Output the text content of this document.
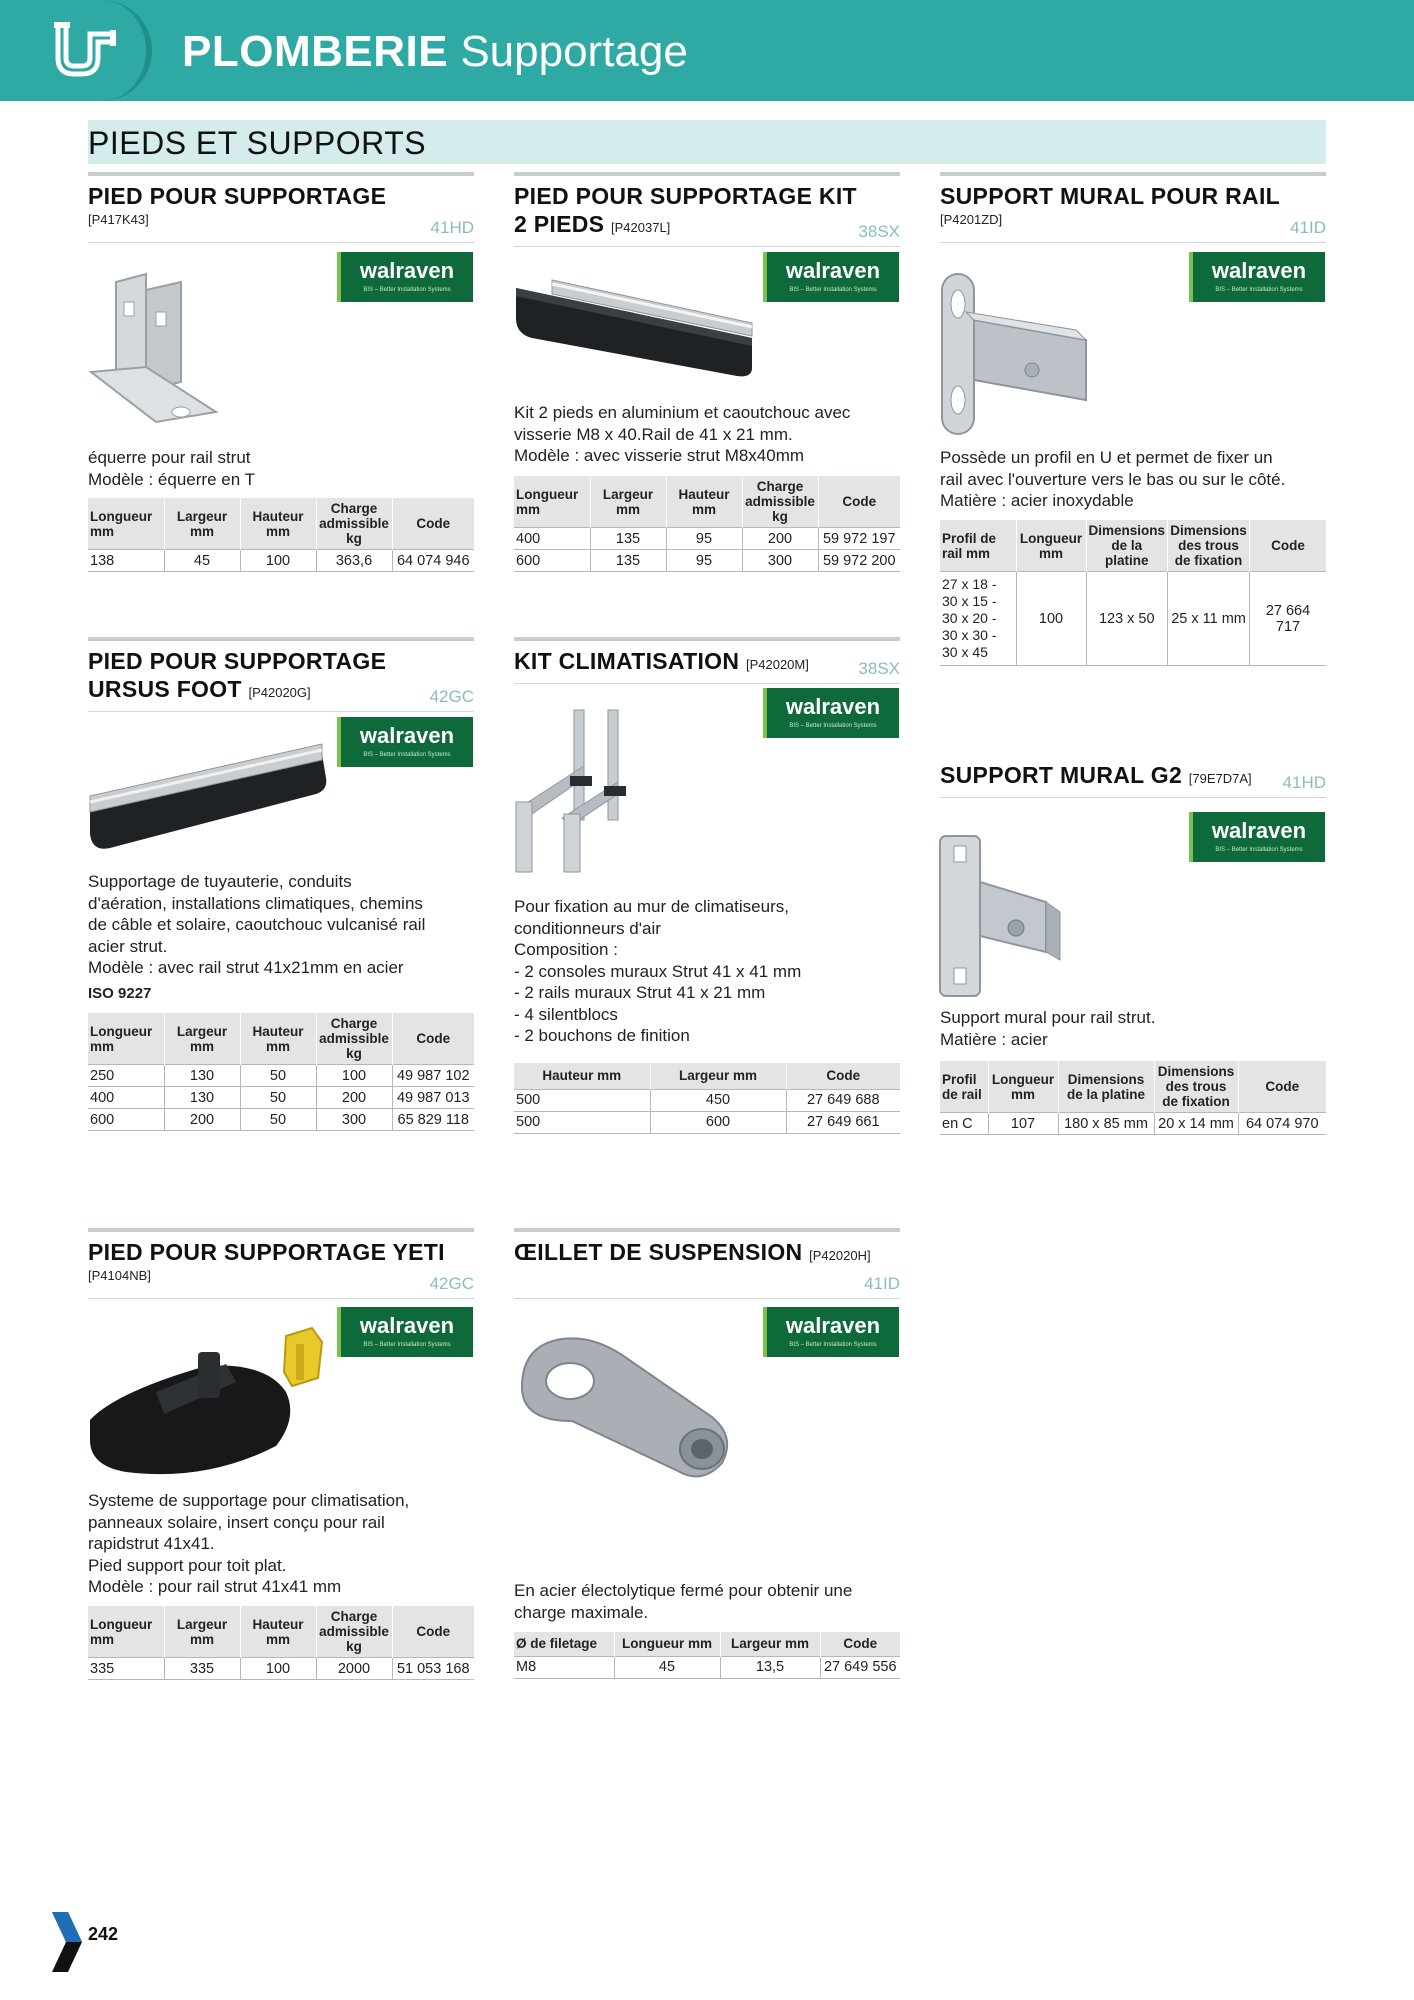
PLOMBERIE Supportage
PIEDS ET SUPPORTS
PIED POUR SUPPORTAGE
[P417K43]	41HD
walraven
BIS – Better Installation Systems

équerre pour rail strut

Modèle : équerre en T

Longueur mm	Largeur mm	Hauteur mm	Charge admissible kg	Code
138	45	100	363,6	64 074 946
PIED POUR SUPPORTAGE KIT
2 PIEDS [P42037L]	38SX
walraven
BIS – Better Installation Systems

Kit 2 pieds en aluminium et caoutchouc avec

visserie M8 x 40.Rail de 41 x 21 mm.

Modèle : avec visserie strut M8x40mm

Longueur mm	Largeur mm	Hauteur mm	Charge admissible kg	Code
400	135	95	200	59 972 197
600	135	95	300	59 972 200
SUPPORT MURAL POUR RAIL
[P4201ZD]	41ID
walraven
BIS – Better Installation Systems

Possède un profil en U et permet de fixer un

rail avec l'ouverture vers le bas ou sur le côté.

Matière : acier inoxydable

Profil de rail mm	Longueur mm	Dimensions de la platine	Dimensions des trous de fixation	Code
27 x 18 - 30 x 15 - 30 x 20 - 30 x 30 - 30 x 45	100	123 x 50	25 x 11 mm	27 664 717
PIED POUR SUPPORTAGE
URSUS FOOT [P42020G]	42GC
walraven
BIS – Better Installation Systems

Supportage de tuyauterie, conduits

d'aération, installations climatiques, chemins

de câble et solaire, caoutchouc vulcanisé rail

acier strut.

Modèle : avec rail strut 41x21mm en acier

ISO 9227

Longueur mm	Largeur mm	Hauteur mm	Charge admissible kg	Code
250	130	50	100	49 987 102
400	130	50	200	49 987 013
600	200	50	300	65 829 118
KIT CLIMATISATION [P42020M]	38SX
walraven
BIS – Better Installation Systems

Pour fixation au mur de climatiseurs,

conditionneurs d'air

Composition :

- 2 consoles muraux Strut 41 x 41 mm

- 2 rails muraux Strut 41 x 21 mm

- 4 silentblocs

- 2 bouchons de finition

Hauteur mm	Largeur mm	Code
500	450	27 649 688
500	600	27 649 661
SUPPORT MURAL G2 [79E7D7A]	41HD
walraven
BIS – Better Installation Systems

Support mural pour rail strut.

Matière : acier

Profil de rail	Longueur mm	Dimensions de la platine	Dimensions des trous de fixation	Code
en C	107	180 x 85 mm	20 x 14 mm	64 074 970
PIED POUR SUPPORTAGE YETI
[P4104NB]	42GC
walraven
BIS – Better Installation Systems

Systeme de supportage pour climatisation,

panneaux solaire, insert conçu pour rail

rapidstrut 41x41.

Pied support pour toit plat.

Modèle : pour rail strut 41x41 mm

Longueur mm	Largeur mm	Hauteur mm	Charge admissible kg	Code
335	335	100	2000	51 053 168
ŒILLET DE SUSPENSION [P42020H]
41ID
walraven
BIS – Better Installation Systems

En acier électolytique fermé pour obtenir une

charge maximale.

Ø de filetage	Longueur mm	Largeur mm	Code
M8	45	13,5	27 649 556
242
